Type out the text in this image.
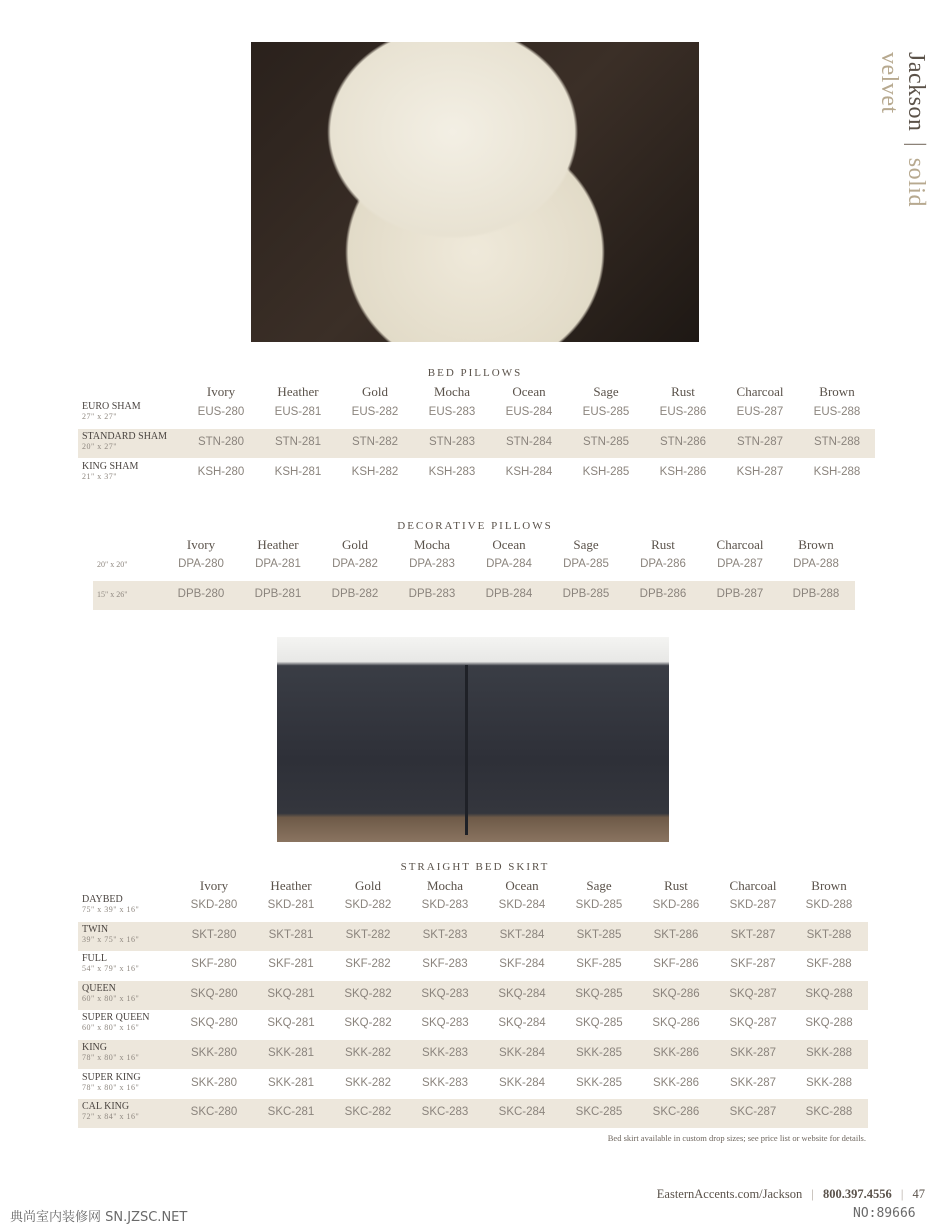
Jackson | solid velvet
BED PILLOWS
Ivory	Heather	Gold	Mocha	Ocean	Sage	Rust	Charcoal	Brown
EURO SHAM
27" x 27"	EUS-280	EUS-281	EUS-282	EUS-283	EUS-284	EUS-285	EUS-286	EUS-287	EUS-288
STANDARD SHAM
20" x 27"	STN-280	STN-281	STN-282	STN-283	STN-284	STN-285	STN-286	STN-287	STN-288
KING SHAM
21" x 37"	KSH-280	KSH-281	KSH-282	KSH-283	KSH-284	KSH-285	KSH-286	KSH-287	KSH-288
DECORATIVE PILLOWS
Ivory	Heather	Gold	Mocha	Ocean	Sage	Rust	Charcoal	Brown
20" x 20"	DPA-280	DPA-281	DPA-282	DPA-283	DPA-284	DPA-285	DPA-286	DPA-287	DPA-288
15" x 26"	DPB-280	DPB-281	DPB-282	DPB-283	DPB-284	DPB-285	DPB-286	DPB-287	DPB-288
STRAIGHT BED SKIRT
Ivory	Heather	Gold	Mocha	Ocean	Sage	Rust	Charcoal	Brown
DAYBED
75" x 39" x 16"	SKD-280	SKD-281	SKD-282	SKD-283	SKD-284	SKD-285	SKD-286	SKD-287	SKD-288
TWIN
39" x 75" x 16"	SKT-280	SKT-281	SKT-282	SKT-283	SKT-284	SKT-285	SKT-286	SKT-287	SKT-288
FULL
54" x 79" x 16"	SKF-280	SKF-281	SKF-282	SKF-283	SKF-284	SKF-285	SKF-286	SKF-287	SKF-288
QUEEN
60" x 80" x 16"	SKQ-280	SKQ-281	SKQ-282	SKQ-283	SKQ-284	SKQ-285	SKQ-286	SKQ-287 SKQ-288
SUPER QUEEN
60" x 80" x 16"	SKQ-280	SKQ-281	SKQ-282	SKQ-283	SKQ-284	SKQ-285	SKQ-286	SKQ-287 SKQ-288
KING
78" x 80" x 16"	SKK-280	SKK-281	SKK-282	SKK-283	SKK-284	SKK-285	SKK-286	SKK-287	SKK-288
SUPER KING
78" x 80" x 16"	SKK-280	SKK-281	SKK-282	SKK-283	SKK-284	SKK-285	SKK-286	SKK-287	SKK-288
CAL KING
72" x 84" x 16"	SKC-280	SKC-281	SKC-282	SKC-283	SKC-284	SKC-285	SKC-286	SKC-287	SKC-288
Bed skirt available in custom drop sizes; see price list or website for details.
EasternAccents.com/Jackson | 800.397.4556 | 47
典尚室内装修网 SN.JZSC.NET	NO:89666
